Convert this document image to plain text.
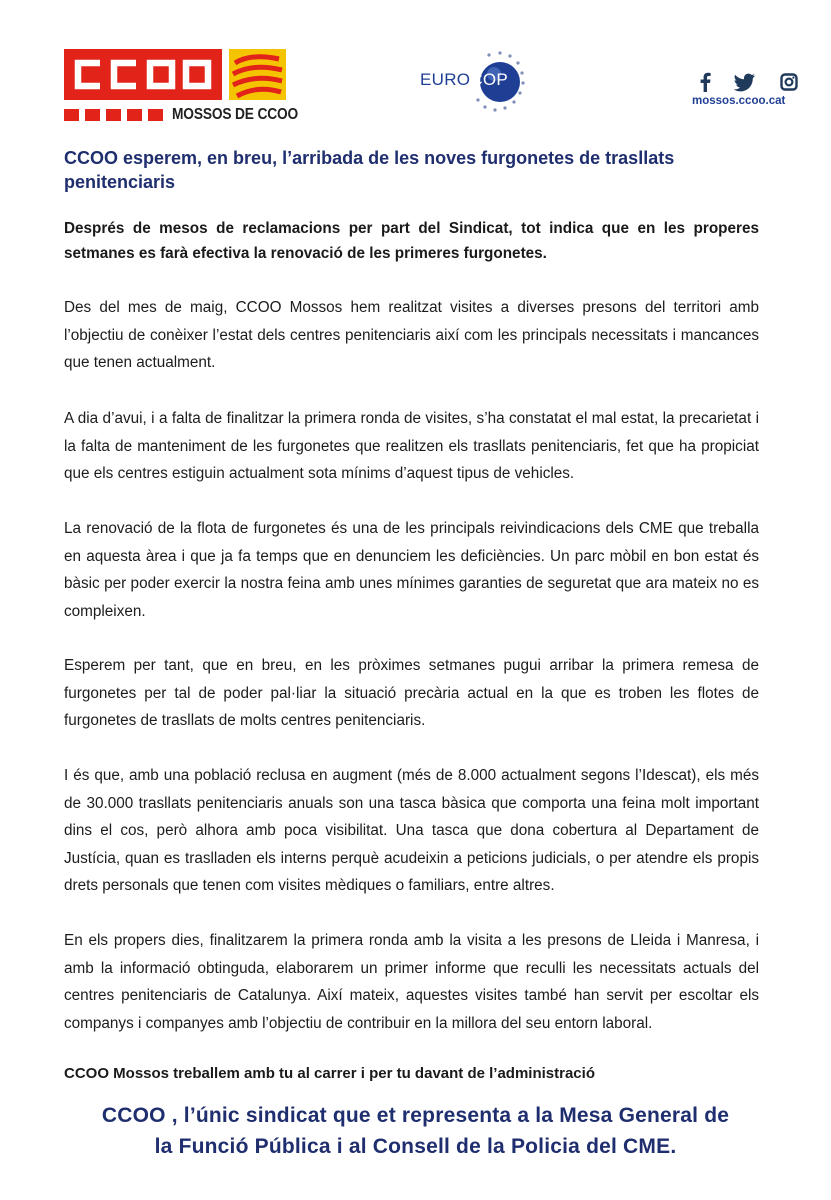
MOSSOS DE CCOO
EUROCOP
mossos.ccoo.cat
CCOO esperem, en breu, l’arribada de les noves furgonetes de trasllats penitenciaris

Després de mesos de reclamacions per part del Sindicat, tot indica que en les properes setmanes es farà efectiva la renovació de les primeres furgonetes.

Des del mes de maig, CCOO Mossos hem realitzat visites a diverses presons del territori amb l’objectiu de conèixer l’estat dels centres penitenciaris així com les principals necessitats i mancances que tenen actualment.

A dia d’avui, i a falta de finalitzar la primera ronda de visites, s’ha constatat el mal estat, la precarietat i la falta de manteniment de les furgonetes que realitzen els trasllats penitenciaris, fet que ha propiciat que els centres estiguin actualment sota mínims d’aquest tipus de vehicles.

La renovació de la flota de furgonetes és una de les principals reivindicacions dels CME que treballa en aquesta àrea i que ja fa temps que en denunciem les deficiències. Un parc mòbil en bon estat és bàsic per poder exercir la nostra feina amb unes mínimes garanties de seguretat que ara mateix no es compleixen.

Esperem per tant, que en breu, en les pròximes setmanes pugui arribar la primera remesa de furgonetes per tal de poder pal·liar la situació precària actual en la que es troben les flotes de furgonetes de trasllats de molts centres penitenciaris.

I és que, amb una població reclusa en augment (més de 8.000 actualment segons l’Idescat), els més de 30.000 trasllats penitenciaris anuals son una tasca bàsica que comporta una feina molt important dins el cos, però alhora amb poca visibilitat. Una tasca que dona cobertura al Departament de Justícia, quan es traslladen els interns perquè acudeixin a peticions judicials, o per atendre els propis drets personals que tenen com visites mèdiques o familiars, entre altres.

En els propers dies, finalitzarem la primera ronda amb la visita a les presons de Lleida i Manresa, i amb la informació obtinguda, elaborarem un primer informe que reculli les necessitats actuals del centres penitenciaris de Catalunya. Així mateix, aquestes visites també han servit per escoltar els companys i companyes amb l’objectiu de contribuir en la millora del seu entorn laboral.

CCOO Mossos treballem amb tu al carrer i per tu davant de l’administració

CCOO , l’únic sindicat que et representa a la Mesa General de
la Funció Pública i al Consell de la Policia del CME.
